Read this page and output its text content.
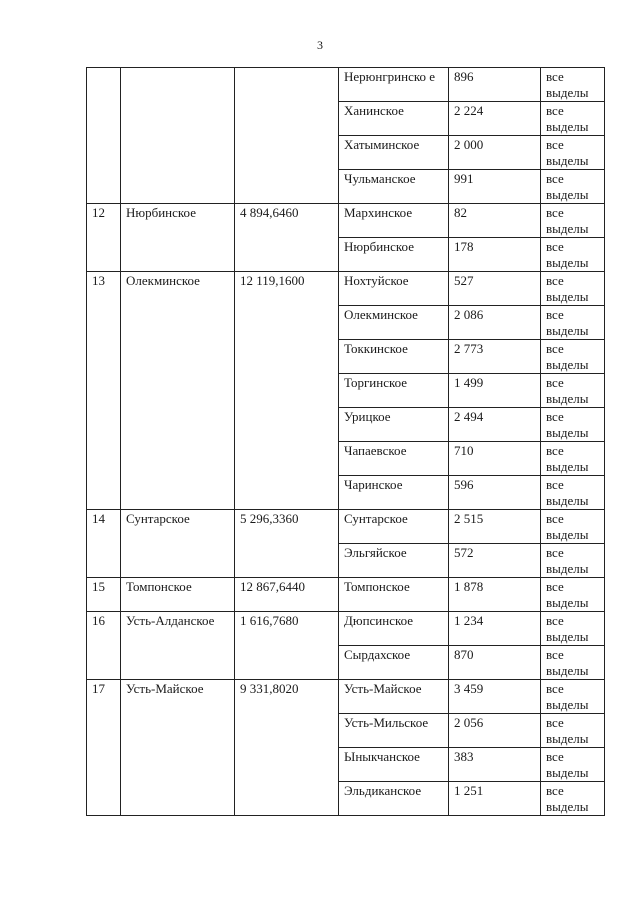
3
			Нерюнгринско е	896	все выделы
			Ханинское	2 224	все выделы
			Хатыминское	2 000	все выделы
			Чульманское	991	все выделы
12	Нюрбинское	4 894,6460	Мархинское	82	все выделы
			Нюрбинское	178	все выделы
13	Олекминское	12 119,1600	Нохтуйское	527	все выделы
			Олекминское	2 086	все выделы
			Токкинское	2 773	все выделы
			Торгинское	1 499	все выделы
			Урицкое	2 494	все выделы
			Чапаевское	710	все выделы
			Чаринское	596	все выделы
14	Сунтарское	5 296,3360	Сунтарское	2 515	все выделы
			Эльгяйское	572	все выделы
15	Томпонское	12 867,6440	Томпонское	1 878	все выделы
16	Усть-Алданское	1 616,7680	Дюпсинское	1 234	все выделы
			Сырдахское	870	все выделы
17	Усть-Майское	9 331,8020	Усть-Майское	3 459	все выделы
			Усть-Мильское	2 056	все выделы
			Ыныкчанское	383	все выделы
			Эльдиканское	1 251	все выделы
